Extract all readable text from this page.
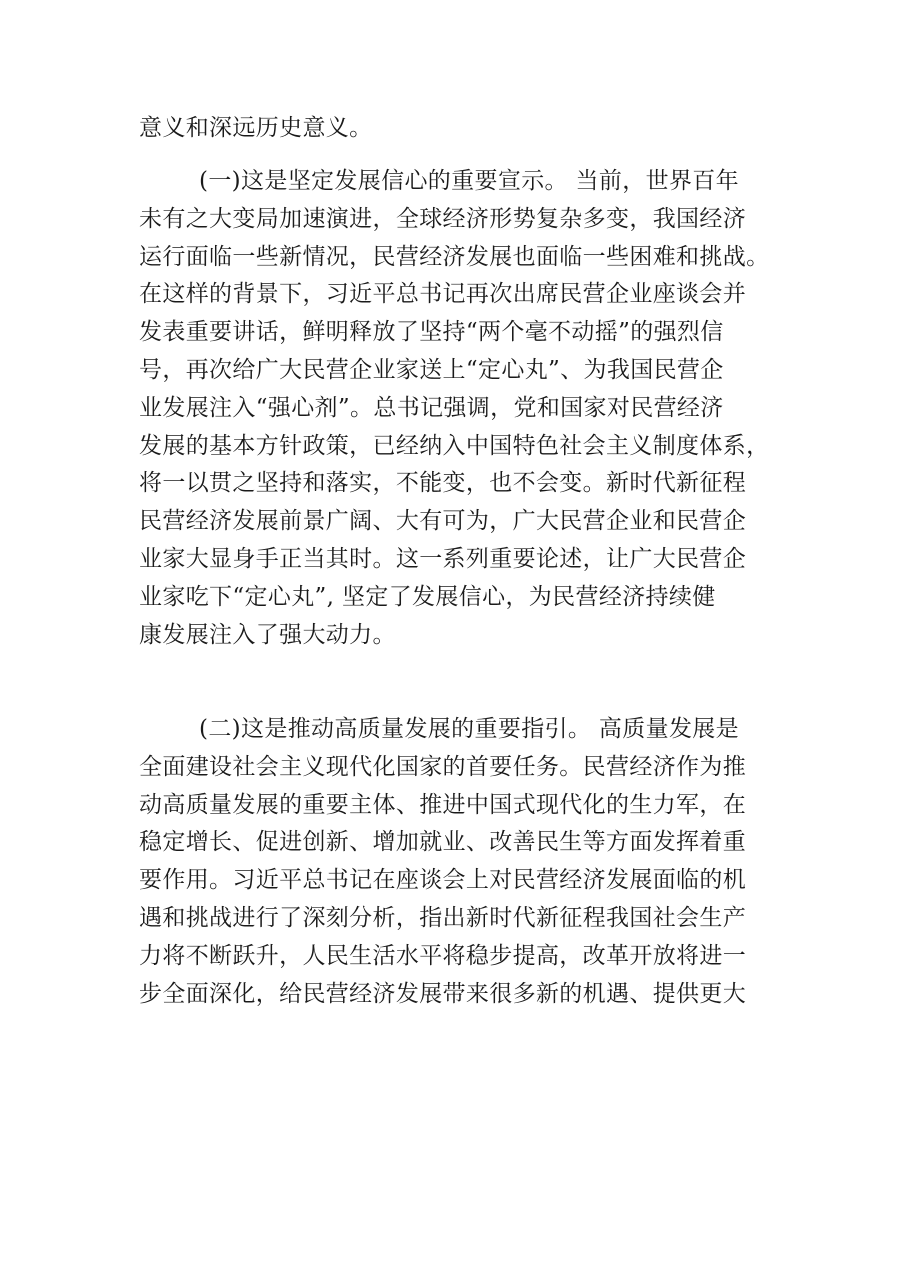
意义和深远历史意义。
(一)这是坚定发展信心的重要宣示。 当前，世界百年
未有之大变局加速演进，全球经济形势复杂多变，我国经济
运行面临一些新情况，民营经济发展也面临一些困难和挑战。
在这样的背景下，习近平总书记再次出席民营企业座谈会并
发表重要讲话，鲜明释放了坚持“两个毫不动摇”的强烈信
号，再次给广大民营企业家送上“定心丸”、为我国民营企
业发展注入“强心剂”。总书记强调，党和国家对民营经济
发展的基本方针政策，已经纳入中国特色社会主义制度体系，
将一以贯之坚持和落实，不能变，也不会变。新时代新征程
民营经济发展前景广阔、大有可为，广大民营企业和民营企
业家大显身手正当其时。这一系列重要论述，让广大民营企
业家吃下“定心丸”, 坚定了发展信心，为民营经济持续健
康发展注入了强大动力。
(二)这是推动高质量发展的重要指引。 高质量发展是
全面建设社会主义现代化国家的首要任务。民营经济作为推
动高质量发展的重要主体、推进中国式现代化的生力军，在
稳定增长、促进创新、增加就业、改善民生等方面发挥着重
要作用。习近平总书记在座谈会上对民营经济发展面临的机
遇和挑战进行了深刻分析，指出新时代新征程我国社会生产
力将不断跃升，人民生活水平将稳步提高，改革开放将进一
步全面深化，给民营经济发展带来很多新的机遇、提供更大
